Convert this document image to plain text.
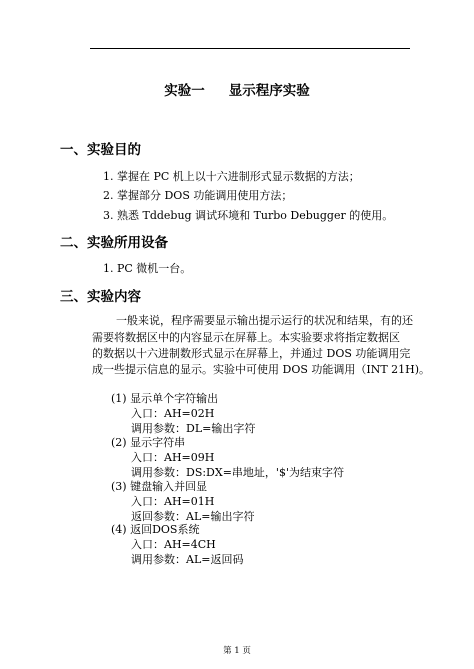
实验一 显示程序实验
一、实验目的
1. 掌握在 PC 机上以十六进制形式显示数据的方法；
2. 掌握部分 DOS 功能调用使用方法；
3. 熟悉 Tddebug 调试环境和 Turbo Debugger 的使用。
二、实验所用设备
1. PC 微机一台。
三、实验内容
一般来说，程序需要显示输出提示运行的状况和结果，有的还
需要将数据区中的内容显示在屏幕上。本实验要求将指定数据区
的数据以十六进制数形式显示在屏幕上，并通过 DOS 功能调用完
成一些提示信息的显示。实验中可使用 DOS 功能调用（INT 21H)。
(1) 显示单个字符输出
入口：AH=02H
调用参数：DL=输出字符
(2) 显示字符串
入口：AH=09H
调用参数：DS:DX=串地址，'$'为结束字符
(3) 键盘输入并回显
入口：AH=01H
返回参数：AL=输出字符
(4) 返回DOS系统
入口：AH=4CH
调用参数：AL=返回码
第 1 页
